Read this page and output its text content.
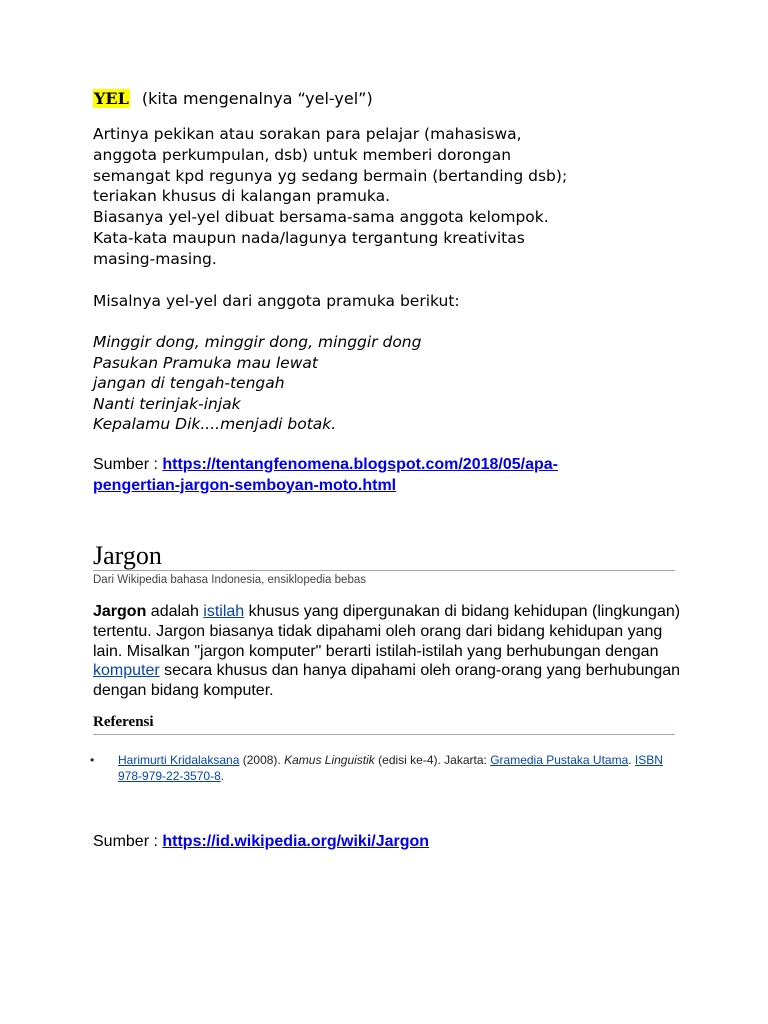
YEL (kita mengenalnya “yel-yel”)
Artinya pekikan atau sorakan para pelajar (mahasiswa,
anggota perkumpulan, dsb) untuk memberi dorongan
semangat kpd regunya yg sedang bermain (bertanding dsb);
teriakan khusus di kalangan pramuka.
Biasanya yel-yel dibuat bersama-sama anggota kelompok.
Kata-kata maupun nada/lagunya tergantung kreativitas
masing-masing.
Misalnya yel-yel dari anggota pramuka berikut:
Minggir dong, minggir dong, minggir dong
Pasukan Pramuka mau lewat
jangan di tengah-tengah
Nanti terinjak-injak
Kepalamu Dik....menjadi botak.
Sumber : https://tentangfenomena.blogspot.com/2018/05/apa-
pengertian-jargon-semboyan-moto.html
Jargon
Dari Wikipedia bahasa Indonesia, ensiklopedia bebas
Jargon adalah istilah khusus yang dipergunakan di bidang kehidupan (lingkungan) tertentu. Jargon biasanya tidak dipahami oleh orang dari bidang kehidupan yang lain. Misalkan "jargon komputer" berarti istilah-istilah yang berhubungan dengan komputer secara khusus dan hanya dipahami oleh orang-orang yang berhubungan dengan bidang komputer.
Referensi
• Harimurti Kridalaksana (2008). Kamus Linguistik (edisi ke-4). Jakarta: Gramedia Pustaka Utama. ISBN 978-979-22-3570-8.
Sumber : https://id.wikipedia.org/wiki/Jargon
